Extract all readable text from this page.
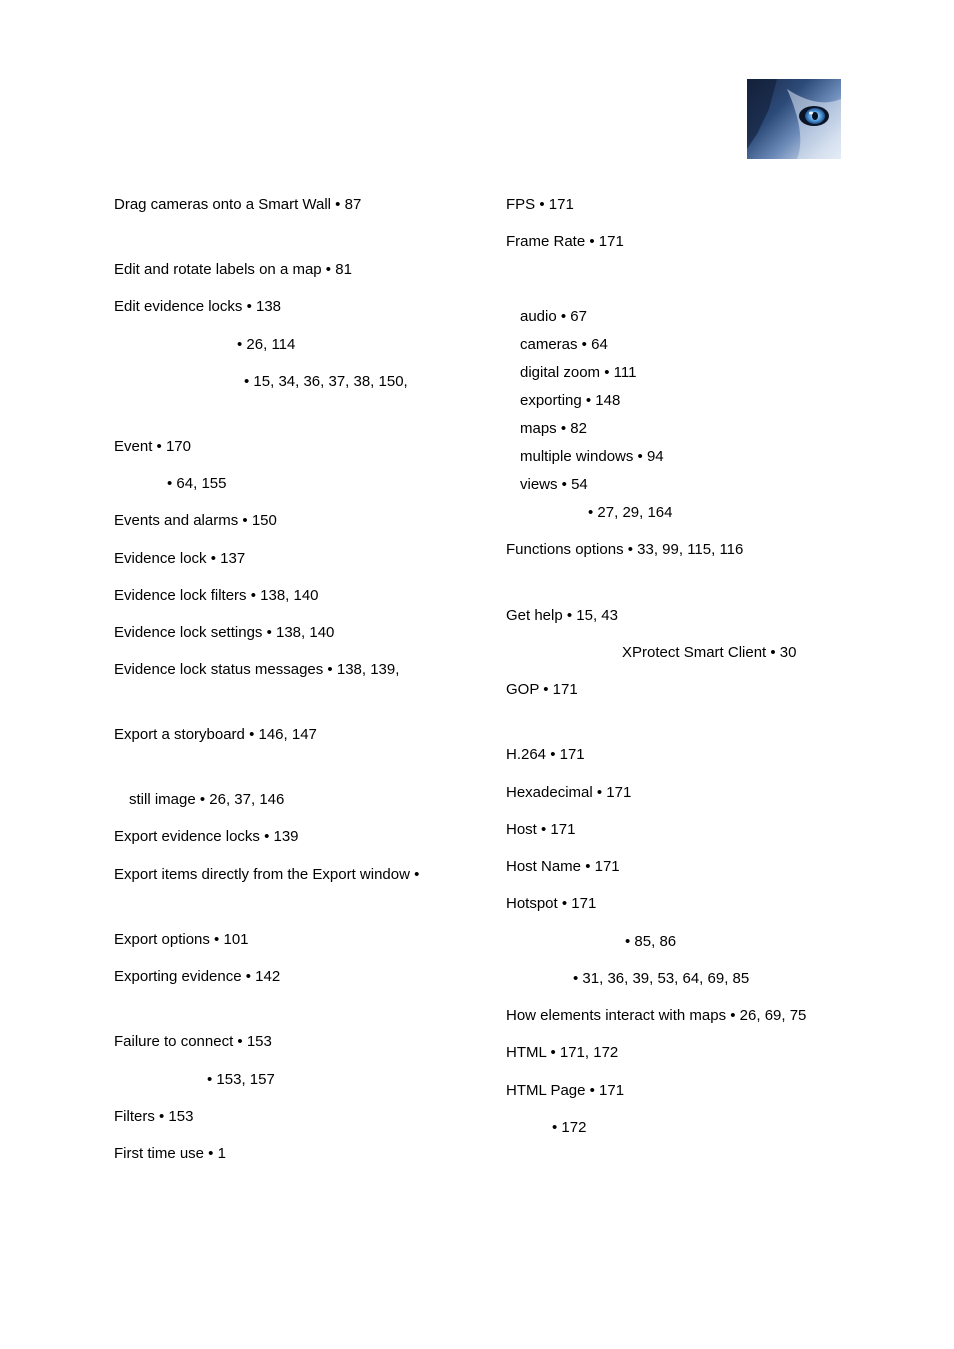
Drag cameras onto a Smart Wall • 87
Edit and rotate labels on a map • 81
Edit evidence locks • 138
• 26, 114
• 15, 34, 36, 37, 38, 150,
Event • 170
• 64, 155
Events and alarms • 150
Evidence lock • 137
Evidence lock filters • 138, 140
Evidence lock settings • 138, 140
Evidence lock status messages • 138, 139,
Export a storyboard • 146, 147
still image • 26, 37, 146
Export evidence locks • 139
Export items directly from the Export window •
Export options • 101
Exporting evidence • 142
Failure to connect • 153
• 153, 157
Filters • 153
First time use • 1
FPS • 171
Frame Rate • 171
audio • 67
cameras • 64
digital zoom • 111
exporting • 148
maps • 82
multiple windows • 94
views • 54
• 27, 29, 164
Functions options • 33, 99, 115, 116
Get help • 15, 43
XProtect Smart Client • 30
GOP • 171
H.264 • 171
Hexadecimal • 171
Host • 171
Host Name • 171
Hotspot • 171
• 85, 86
• 31, 36, 39, 53, 64, 69, 85
How elements interact with maps • 26, 69, 75
HTML • 171, 172
HTML Page • 171
• 172
